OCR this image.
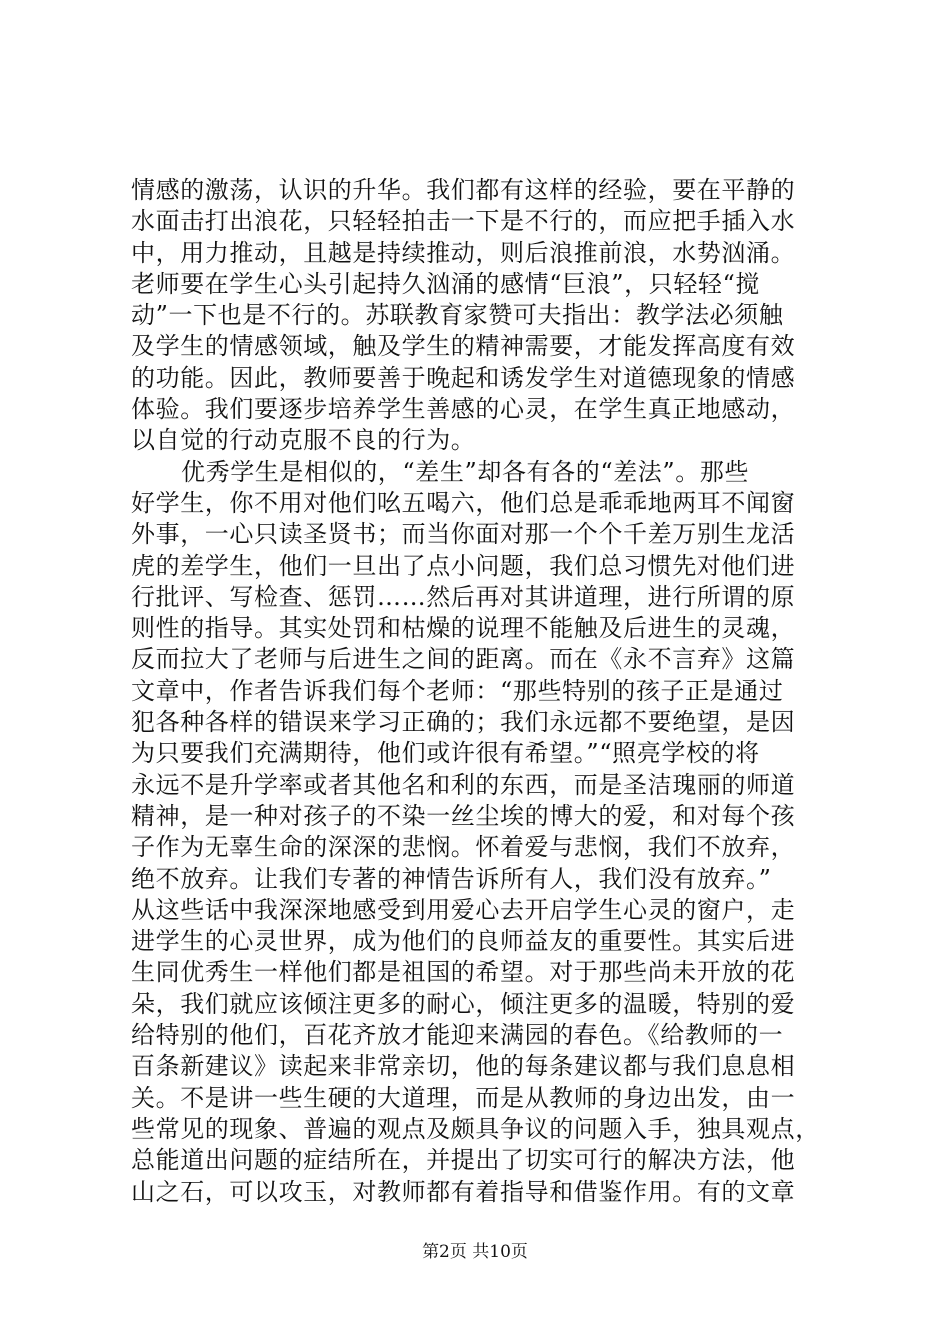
情感的激荡，认识的升华。我们都有这样的经验，要在平静的
水面击打出浪花，只轻轻拍击一下是不行的，而应把手插入水
中，用力推动，且越是持续推动，则后浪推前浪，水势汹涌。
老师要在学生心头引起持久汹涌的感情“巨浪”，只轻轻“搅
动”一下也是不行的。苏联教育家赞可夫指出：教学法必须触
及学生的情感领域，触及学生的精神需要，才能发挥高度有效
的功能。因此，教师要善于晚起和诱发学生对道德现象的情感
体验。我们要逐步培养学生善感的心灵，在学生真正地感动，
以自觉的行动克服不良的行为。
优秀学生是相似的，“差生”却各有各的“差法”。那些
好学生，你不用对他们吆五喝六，他们总是乖乖地两耳不闻窗
外事，一心只读圣贤书；而当你面对那一个个千差万别生龙活
虎的差学生，他们一旦出了点小问题，我们总习惯先对他们进
行批评、写检查、惩罚……然后再对其讲道理，进行所谓的原
则性的指导。其实处罚和枯燥的说理不能触及后进生的灵魂，
反而拉大了老师与后进生之间的距离。而在《永不言弃》这篇
文章中，作者告诉我们每个老师：“那些特别的孩子正是通过
犯各种各样的错误来学习正确的；我们永远都不要绝望，是因
为只要我们充满期待，他们或许很有希望。”“照亮学校的将
永远不是升学率或者其他名和利的东西，而是圣洁瑰丽的师道
精神，是一种对孩子的不染一丝尘埃的博大的爱，和对每个孩
子作为无辜生命的深深的悲悯。怀着爱与悲悯，我们不放弃，
绝不放弃。让我们专著的神情告诉所有人，我们没有放弃。”
从这些话中我深深地感受到用爱心去开启学生心灵的窗户，走
进学生的心灵世界，成为他们的良师益友的重要性。其实后进
生同优秀生一样他们都是祖国的希望。对于那些尚未开放的花
朵，我们就应该倾注更多的耐心，倾注更多的温暖，特别的爱
给特别的他们，百花齐放才能迎来满园的春色。《给教师的一
百条新建议》读起来非常亲切，他的每条建议都与我们息息相
关。不是讲一些生硬的大道理，而是从教师的身边出发，由一
些常见的现象、普遍的观点及颇具争议的问题入手，独具观点，
总能道出问题的症结所在，并提出了切实可行的解决方法，他
山之石，可以攻玉，对教师都有着指导和借鉴作用。有的文章
第2页 共10页
